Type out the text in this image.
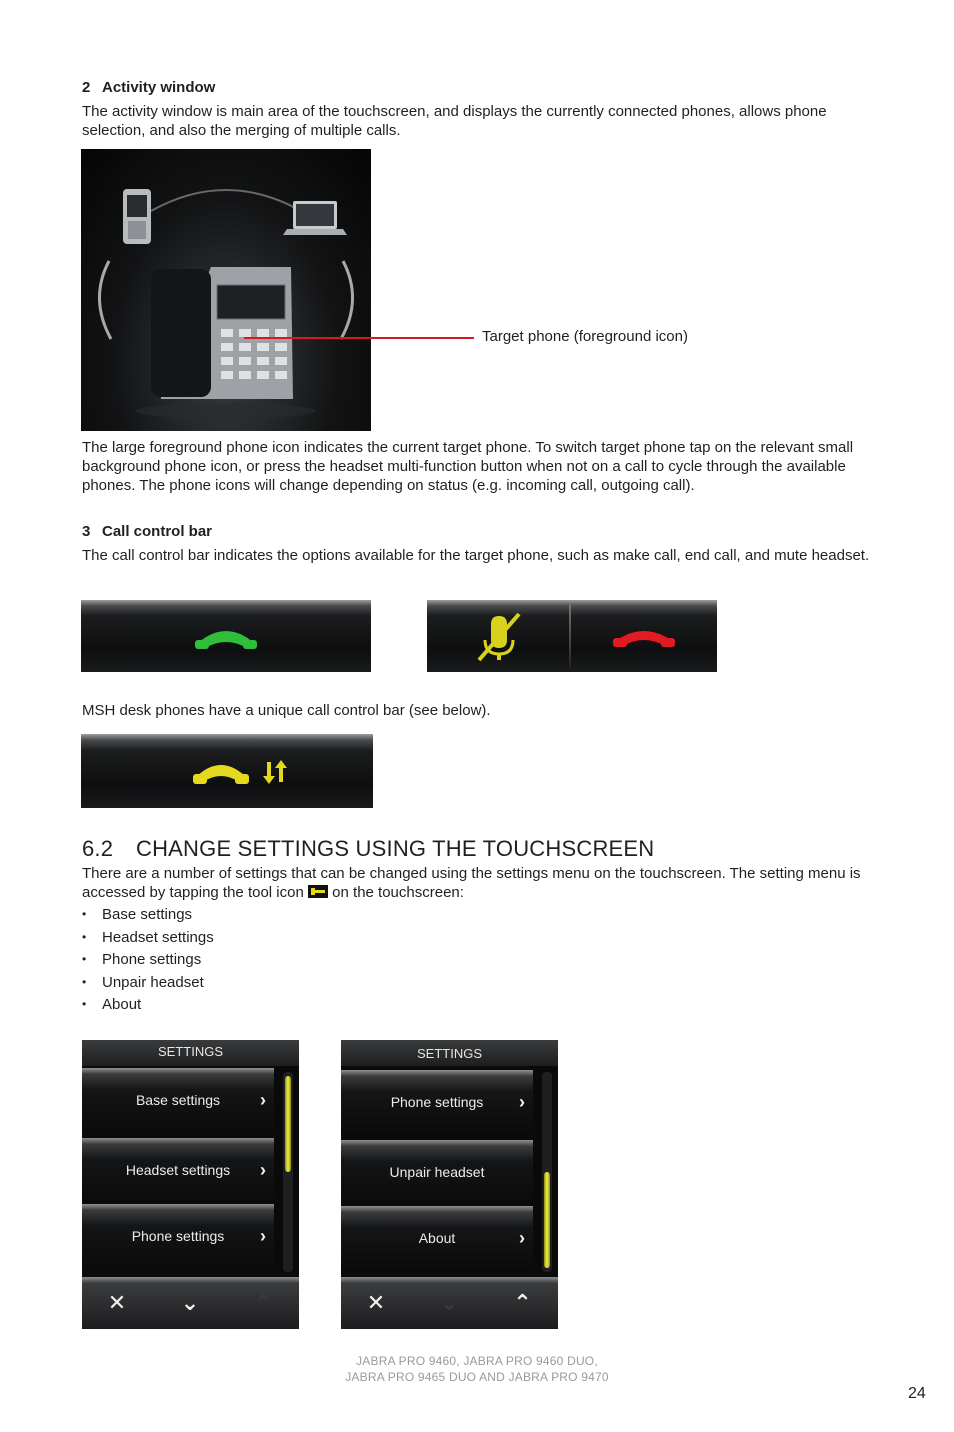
2 Activity window
The activity window is main area of the touchscreen, and displays the currently connected phones, allows phone selection, and also the merging of multiple calls.
Target phone (foreground icon)
The large foreground phone icon indicates the current target phone. To switch target phone tap on the relevant small background phone icon, or press the headset multi-function button when not on a call to cycle through the available phones. The phone icons will change depending on status (e.g. incoming call, outgoing call).
3 Call control bar
The call control bar indicates the options available for the target phone, such as make call, end call, and mute headset.
MSH desk phones have a unique call control bar (see below).
6.2 CHANGE SETTINGS USING THE TOUCHSCREEN
There are a number of settings that can be changed using the settings menu on the touchscreen. The setting menu is accessed by tapping the tool icon on the touchscreen:
• Base settings
• Headset settings
• Phone settings
• Unpair headset
• About
SETTINGS
Base settings	›
Headset settings	›
Phone settings	›
✕	⌄	⌃
SETTINGS
Phone settings	›
Unpair headset
About	›
✕	⌄	⌃
JABRA PRO 9460, JABRA PRO 9460 DUO,
JABRA PRO 9465 DUO AND JABRA PRO 9470
24
